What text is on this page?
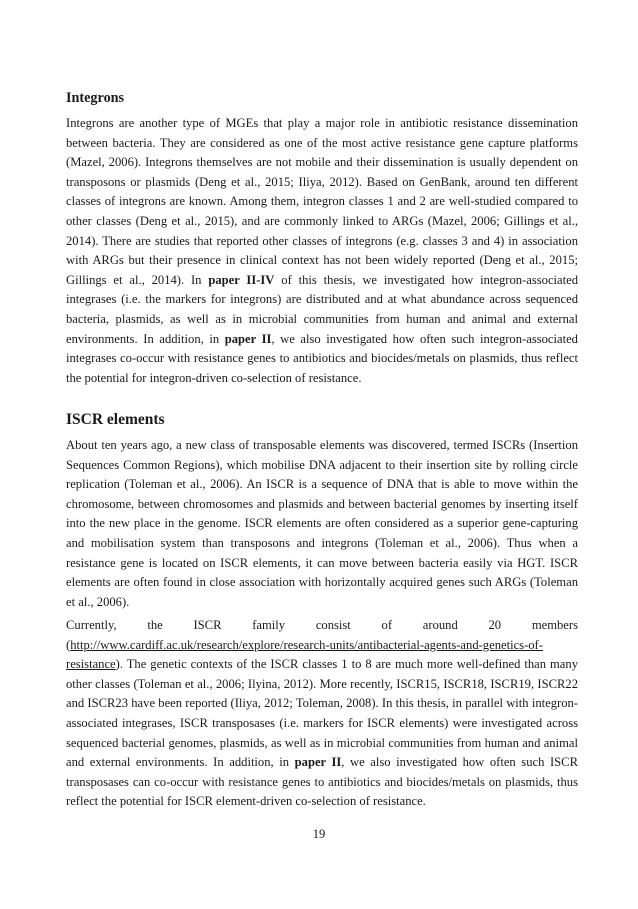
Integrons

Integrons are another type of MGEs that play a major role in antibiotic resistance dissemination between bacteria. They are considered as one of the most active resistance gene capture platforms (Mazel, 2006). Integrons themselves are not mobile and their dissemination is usually dependent on transposons or plasmids (Deng et al., 2015; Iliya, 2012). Based on GenBank, around ten different classes of integrons are known. Among them, integron classes 1 and 2 are well-studied compared to other classes (Deng et al., 2015), and are commonly linked to ARGs (Mazel, 2006; Gillings et al., 2014). There are studies that reported other classes of integrons (e.g. classes 3 and 4) in association with ARGs but their presence in clinical context has not been widely reported (Deng et al., 2015; Gillings et al., 2014). In paper II-IV of this thesis, we investigated how integron-associated integrases (i.e. the markers for integrons) are distributed and at what abundance across sequenced bacteria, plasmids, as well as in microbial communities from human and animal and external environments. In addition, in paper II, we also investigated how often such integron-associated integrases co-occur with resistance genes to antibiotics and biocides/metals on plasmids, thus reflect the potential for integron-driven co-selection of resistance.

ISCR elements

About ten years ago, a new class of transposable elements was discovered, termed ISCRs (Insertion Sequences Common Regions), which mobilise DNA adjacent to their insertion site by rolling circle replication (Toleman et al., 2006). An ISCR is a sequence of DNA that is able to move within the chromosome, between chromosomes and plasmids and between bacterial genomes by inserting itself into the new place in the genome. ISCR elements are often considered as a superior gene-capturing and mobilisation system than transposons and integrons (Toleman et al., 2006). Thus when a resistance gene is located on ISCR elements, it can move between bacteria easily via HGT. ISCR elements are often found in close association with horizontally acquired genes such ARGs (Toleman et al., 2006).

Currently, the ISCR family consist of around 20 members (http://www.cardiff.ac.uk/research/explore/research-units/antibacterial-agents-and-genetics-of-resistance). The genetic contexts of the ISCR classes 1 to 8 are much more well-defined than many other classes (Toleman et al., 2006; Ilyina, 2012). More recently, ISCR15, ISCR18, ISCR19, ISCR22 and ISCR23 have been reported (Iliya, 2012; Toleman, 2008). In this thesis, in parallel with integron-associated integrases, ISCR transposases (i.e. markers for ISCR elements) were investigated across sequenced bacterial genomes, plasmids, as well as in microbial communities from human and animal and external environments. In addition, in paper II, we also investigated how often such ISCR transposases can co-occur with resistance genes to antibiotics and biocides/metals on plasmids, thus reflect the potential for ISCR element-driven co-selection of resistance.

19
